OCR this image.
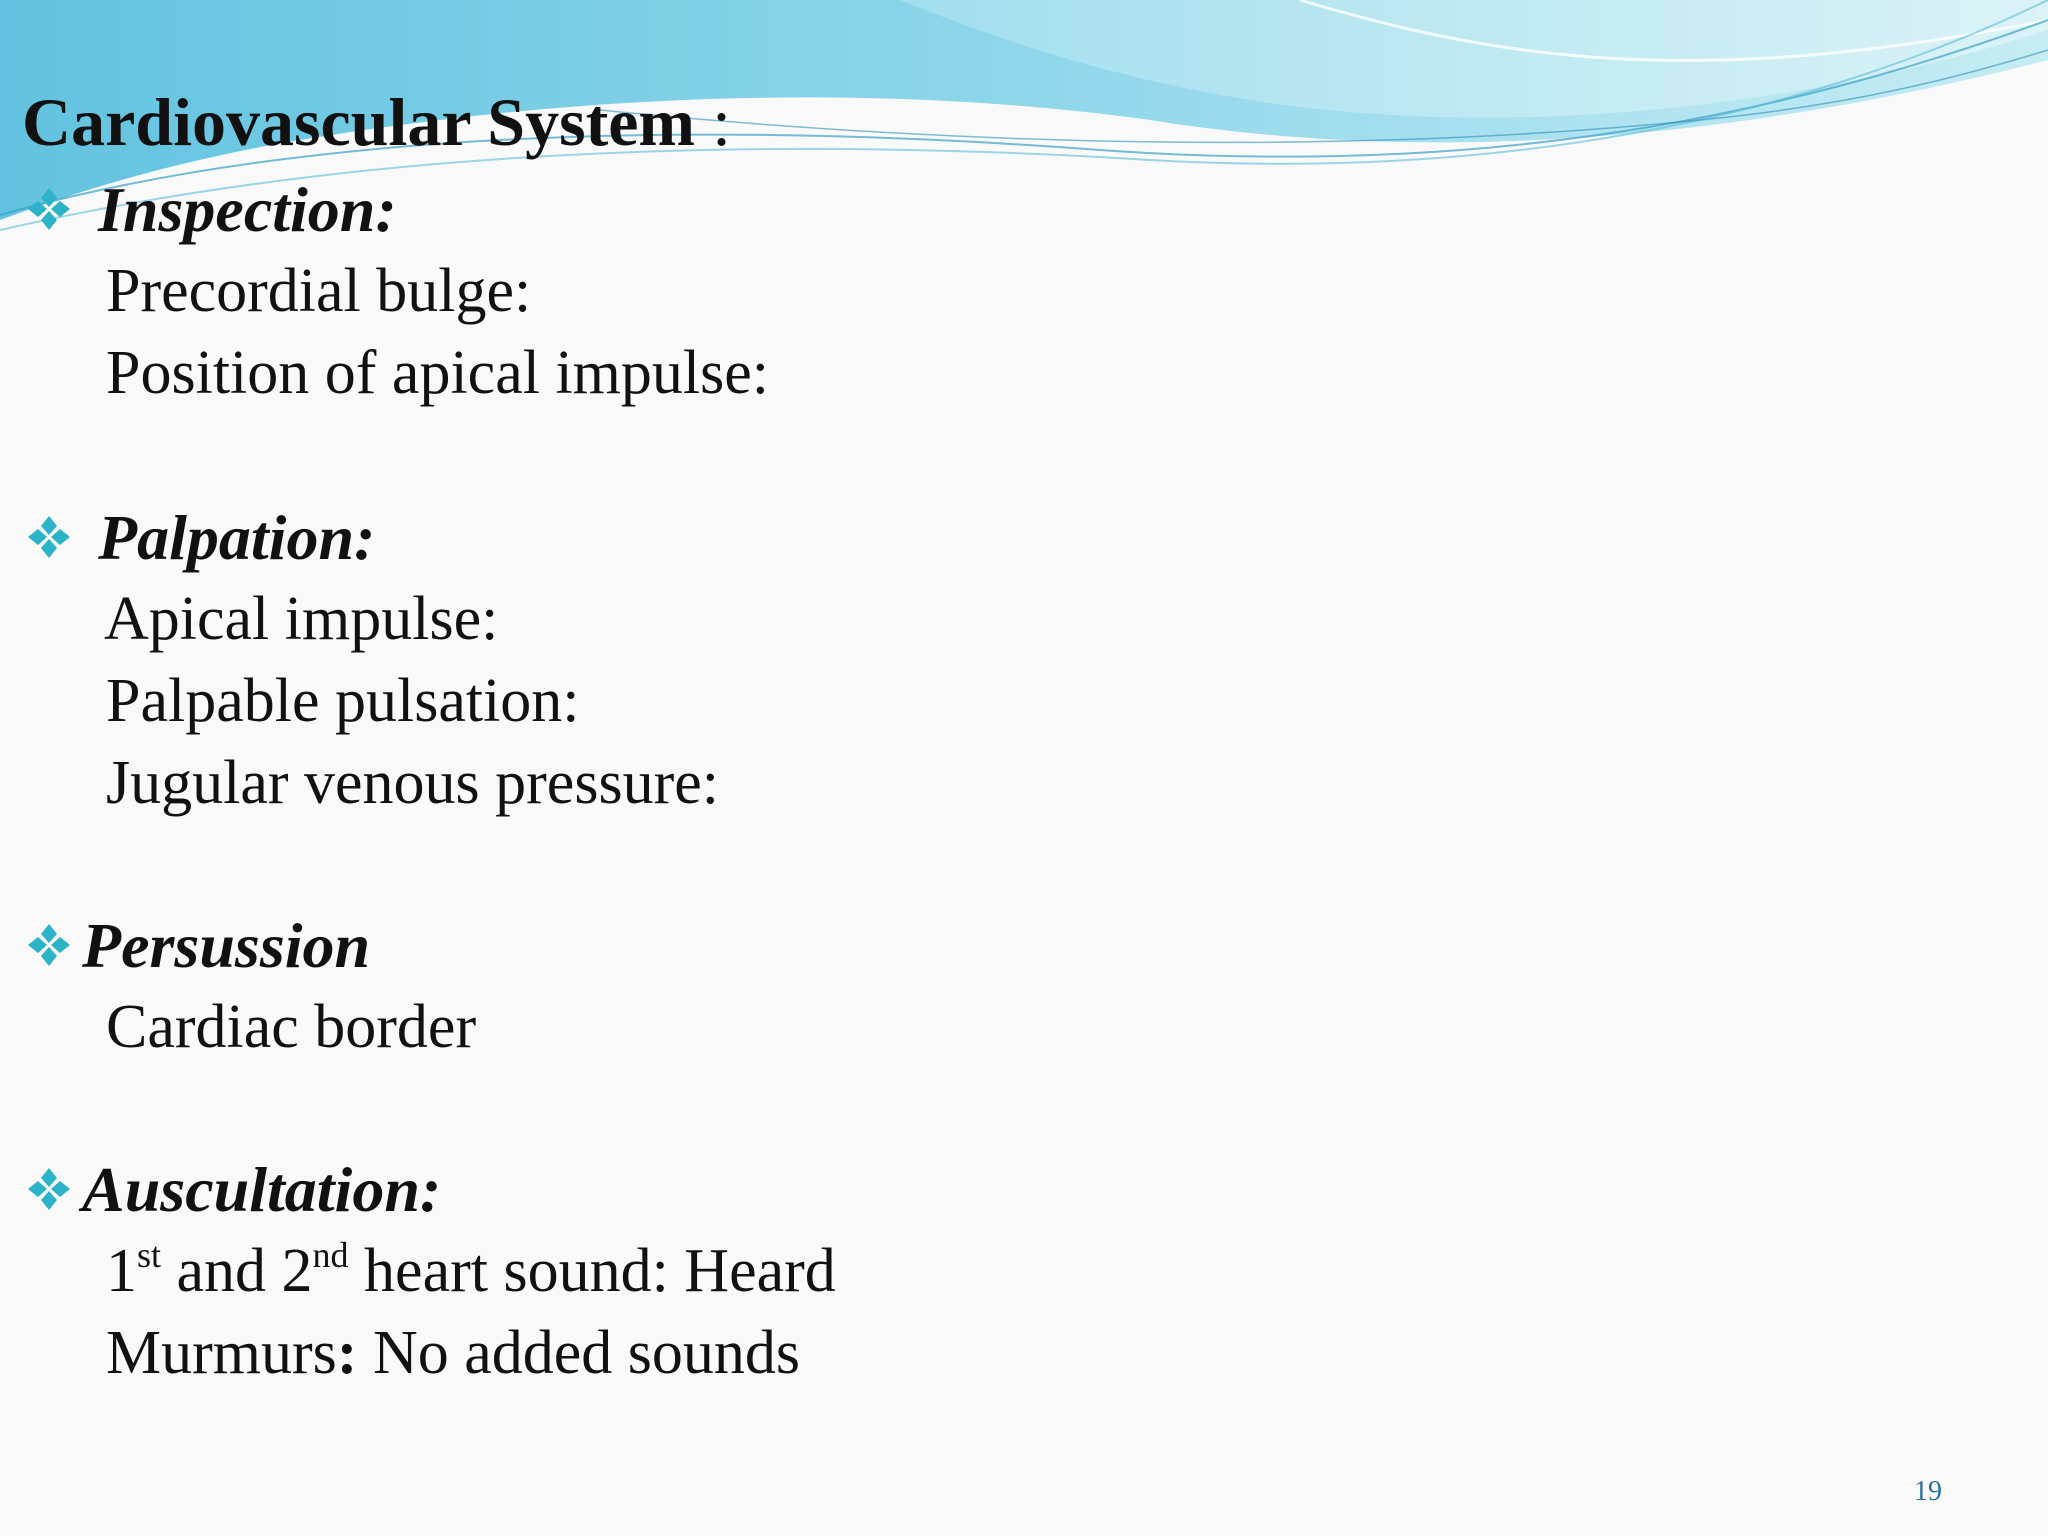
Cardiovascular System :
Inspection:
Precordial bulge:
Position of apical impulse:
Palpation:
Apical impulse:
Palpable pulsation:
Jugular venous pressure:
Persussion
Cardiac border
Auscultation:
1st and 2nd heart sound: Heard
Murmurs: No added sounds
19
